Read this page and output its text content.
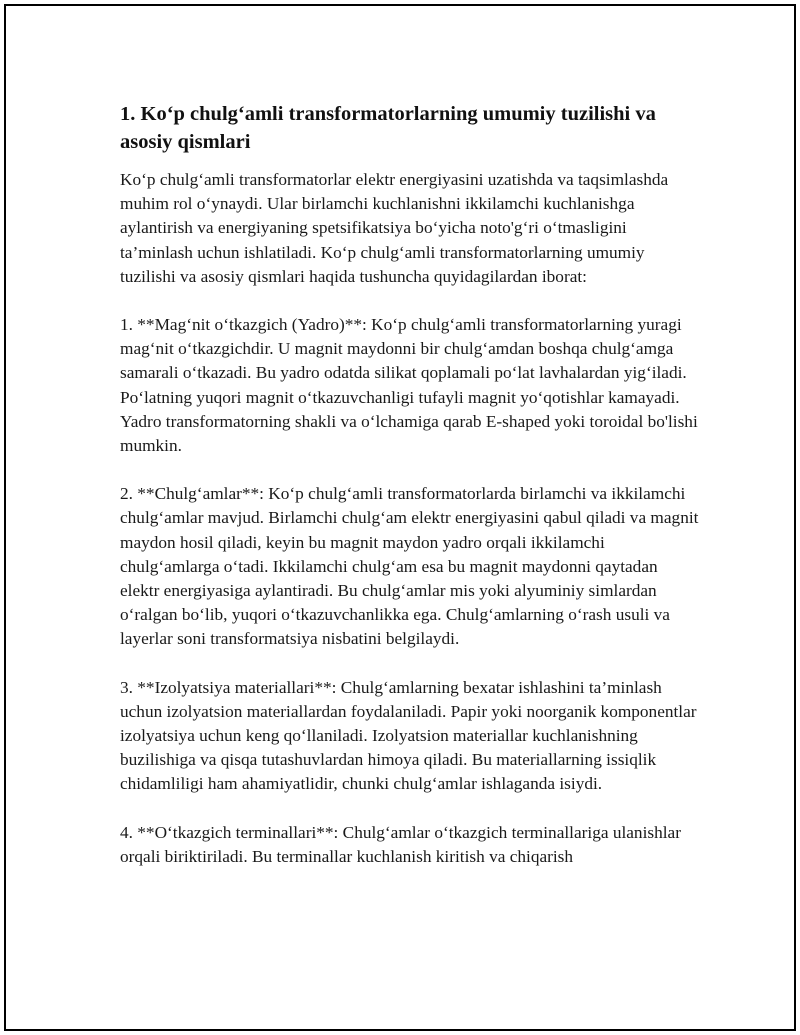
1. Ko‘p chulg‘amli transformatorlarning umumiy tuzilishi va asosiy qismlari

Ko‘p chulg‘amli transformatorlar elektr energiyasini uzatishda va taqsimlashda muhim rol o‘ynaydi. Ular birlamchi kuchlanishni ikkilamchi kuchlanishga aylantirish va energiyaning spetsifikatsiya bo‘yicha noto'g‘ri o‘tmasligini ta’minlash uchun ishlatiladi. Ko‘p chulg‘amli transformatorlarning umumiy tuzilishi va asosiy qismlari haqida tushuncha quyidagilardan iborat:

1. **Mag‘nit o‘tkazgich (Yadro)**: Ko‘p chulg‘amli transformatorlarning yuragi mag‘nit o‘tkazgichdir. U magnit maydonni bir chulg‘amdan boshqa chulg‘amga samarali o‘tkazadi. Bu yadro odatda silikat qoplamali po‘lat lavhalardan yig‘iladi. Po‘latning yuqori magnit o‘tkazuvchanligi tufayli magnit yo‘qotishlar kamayadi. Yadro transformatorning shakli va o‘lchamiga qarab E-shaped yoki toroidal bo'lishi mumkin.

2. **Chulg‘amlar**: Ko‘p chulg‘amli transformatorlarda birlamchi va ikkilamchi chulg‘amlar mavjud. Birlamchi chulg‘am elektr energiyasini qabul qiladi va magnit maydon hosil qiladi, keyin bu magnit maydon yadro orqali ikkilamchi chulg‘amlarga o‘tadi. Ikkilamchi chulg‘am esa bu magnit maydonni qaytadan elektr energiyasiga aylantiradi. Bu chulg‘amlar mis yoki alyuminiy simlardan o‘ralgan bo‘lib, yuqori o‘tkazuvchanlikka ega. Chulg‘amlarning o‘rash usuli va layerlar soni transformatsiya nisbatini belgilaydi.

3. **Izolyatsiya materiallari**: Chulg‘amlarning bexatar ishlashini ta’minlash uchun izolyatsion materiallardan foydalaniladi. Papir yoki noorganik komponentlar izolyatsiya uchun keng qo‘llaniladi. Izolyatsion materiallar kuchlanishning buzilishiga va qisqa tutashuvlardan himoya qiladi. Bu materiallarning issiqlik chidamliligi ham ahamiyatlidir, chunki chulg‘amlar ishlaganda isiydi.

4. **O‘tkazgich terminallari**: Chulg‘amlar o‘tkazgich terminallariga ulanishlar orqali biriktiriladi. Bu terminallar kuchlanish kiritish va chiqarish
